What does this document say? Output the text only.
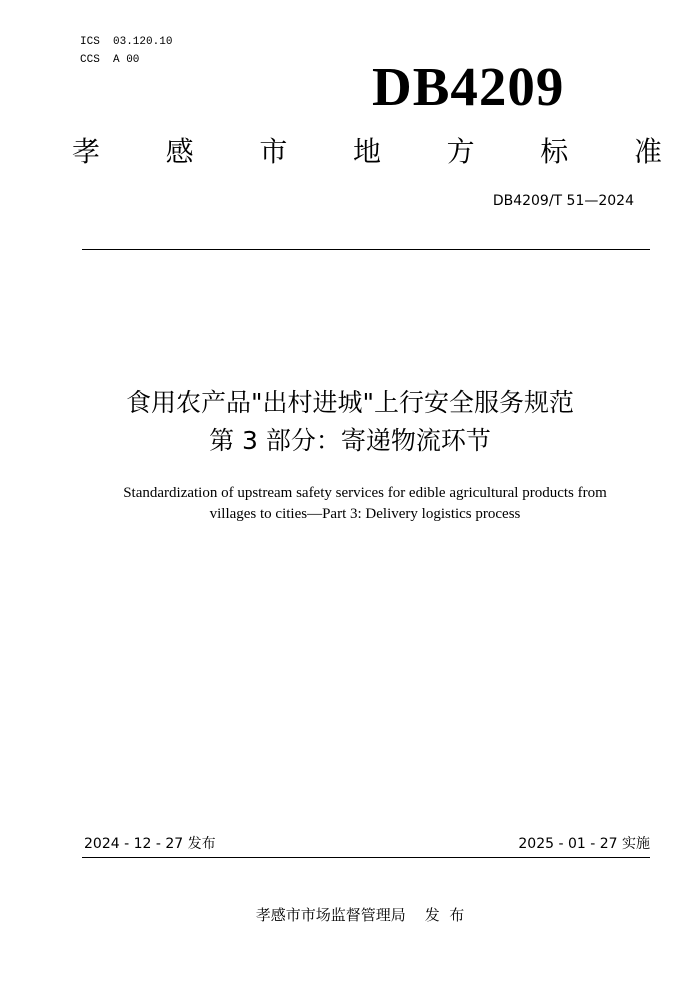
ICS  03.120.10
CCS  A 00	DB4209
孝 感 市 地 方 标 准
DB4209/T 51—2024
食用农产品"出村进城"上行安全服务规范
第 3 部分：寄递物流环节
Standardization of upstream safety services for edible agricultural products from
villages to cities—Part 3: Delivery logistics process
2024 - 12 - 27 发布	2025 - 01 - 27 实施
孝感市市场监督管理局    发  布
